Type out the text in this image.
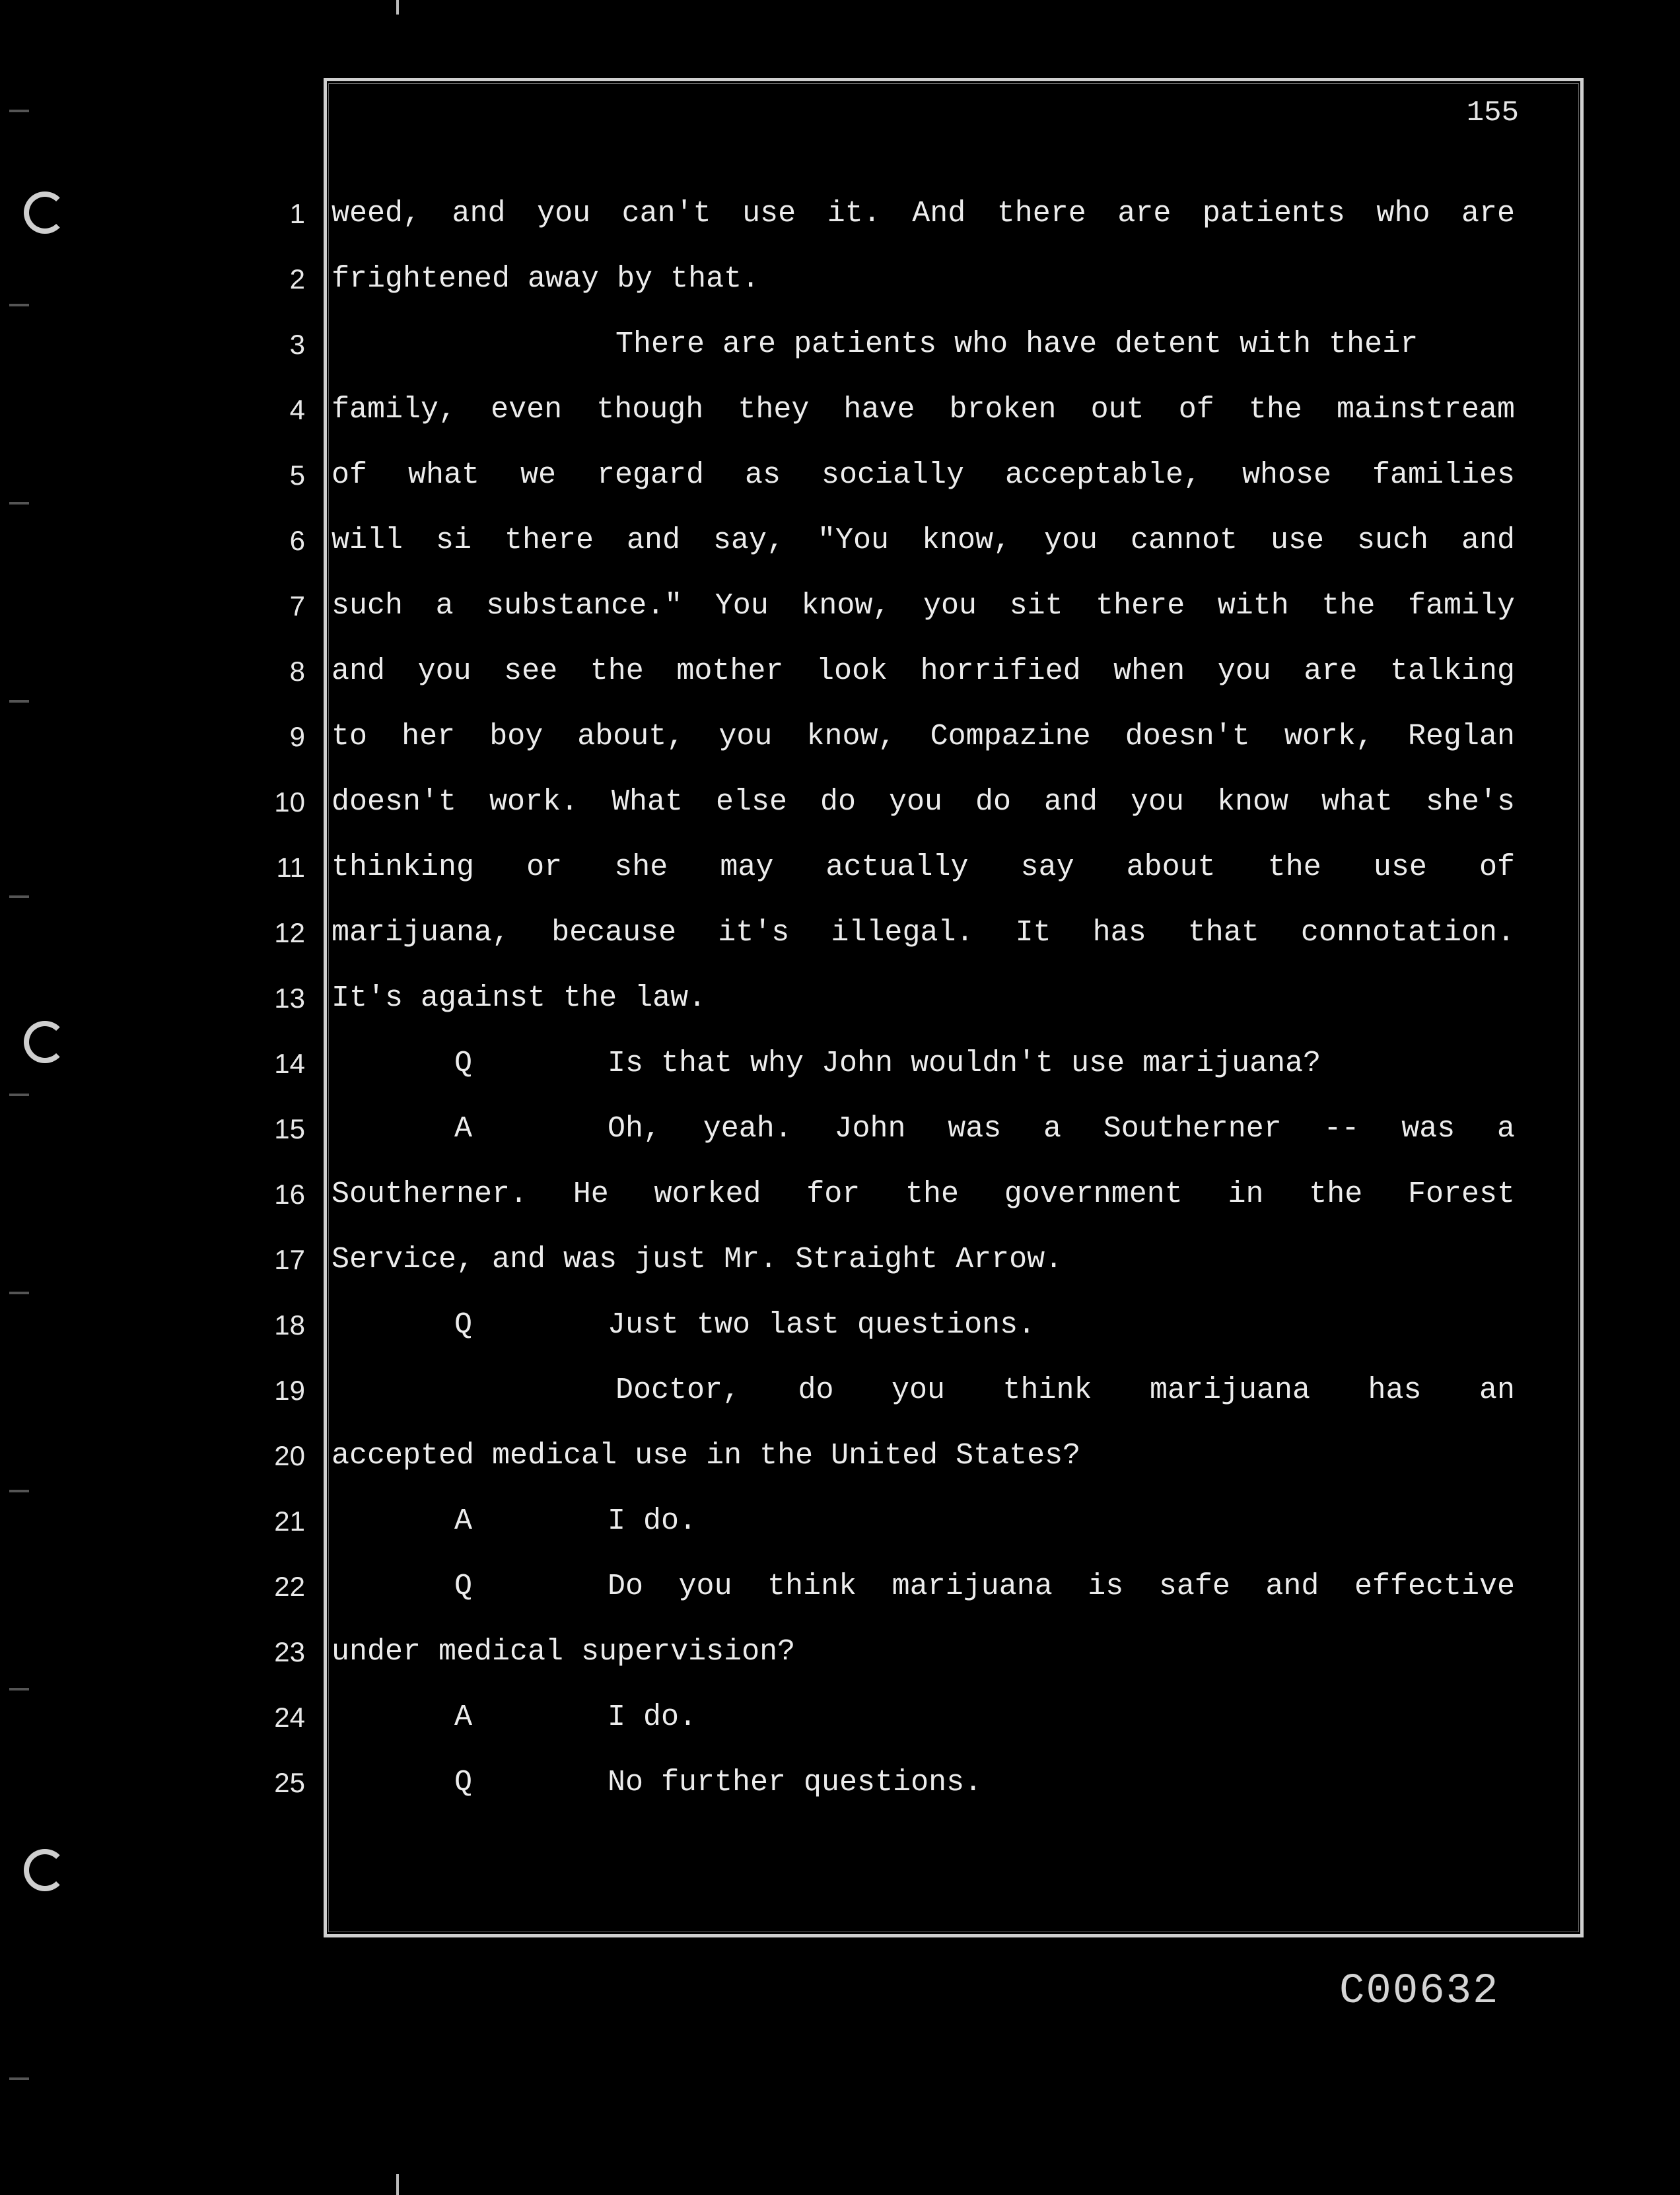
155
1 weed, and you can't use it. And there are patients who are
2 frightened away by that.
3	There are patients who have detent with their
4 family, even though they have broken out of the mainstream
5 of what we regard as socially acceptable, whose families
6 will si there and say, "You know, you cannot use such and
7 such a substance." You know, you sit there with the family
8 and you see the mother look horrified when you are talking
9 to her boy about, you know, Compazine doesn't work, Reglan
10 doesn't work. What else do you do and you know what she's
11 thinking or she may actually say about the use of
12 marijuana, because it's illegal. It has that connotation.
13 It's against the law.
14	Q	Is that why John wouldn't use marijuana?
15	A	Oh, yeah. John was a Southerner -- was a
16 Southerner. He worked for the government in the Forest
17 Service, and was just Mr. Straight Arrow.
18	Q	Just two last questions.
19	Doctor, do you think marijuana has an
20 accepted medical use in the United States?
21	A	I do.
22	Q	Do you think marijuana is safe and effective
23 under medical supervision?
24	A	I do.
25	Q	No further questions.
C00632
